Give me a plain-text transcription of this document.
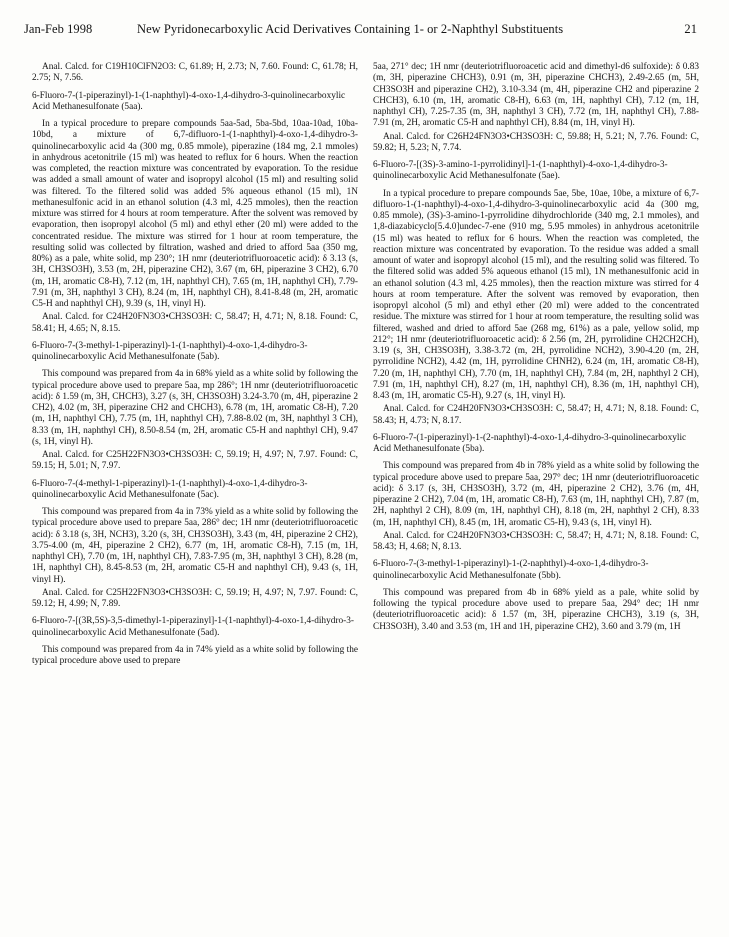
Jan-Feb 1998	New Pyridonecarboxylic Acid Derivatives Containing 1- or 2-Naphthyl Substituents	21

Anal. Calcd. for C19H10ClFN2O3: C, 61.89; H, 2.73; N, 7.60. Found: C, 61.78; H, 2.75; N, 7.56.

6-Fluoro-7-(1-piperazinyl)-1-(1-naphthyl)-4-oxo-1,4-dihydro-3-quinolinecarboxylic Acid Methanesulfonate (5aa).

In a typical procedure to prepare compounds 5aa-5ad, 5ba-5bd, 10aa-10ad, 10ba-10bd, a mixture of 6,7-difluoro-1-(1-naphthyl)-4-oxo-1,4-dihydro-3-quinolinecarboxylic acid 4a (300 mg, 0.85 mmole), piperazine (184 mg, 2.1 mmoles) in anhydrous acetonitrile (15 ml) was heated to reflux for 6 hours. When the reaction was completed, the reaction mixture was concentrated by evaporation. To the residue was added a small amount of water and isopropyl alcohol (15 ml) and resulting solid was filtered. To the filtered solid was added 5% aqueous ethanol (15 ml), 1N methanesulfonic acid in an ethanol solution (4.3 ml, 4.25 mmoles), then the reaction mixture was stirred for 4 hours at room temperature. After the solvent was removed by evaporation, then isopropyl alcohol (5 ml) and ethyl ether (20 ml) were added to the concentrated residue. The mixture was stirred for 1 hour at room temperature, the resulting solid was collected by filtration, washed and dried to afford 5aa (350 mg, 80%) as a pale, white solid, mp 230°; 1H nmr (deuteriotrifluoroacetic acid): δ 3.13 (s, 3H, CH3SO3H), 3.53 (m, 2H, piperazine CH2), 3.67 (m, 6H, piperazine 3 CH2), 6.70 (m, 1H, aromatic C8-H), 7.12 (m, 1H, naphthyl CH), 7.65 (m, 1H, naphthyl CH), 7.79-7.91 (m, 3H, naphthyl 3 CH), 8.24 (m, 1H, naphthyl CH), 8.41-8.48 (m, 2H, aromatic C5-H and naphthyl CH), 9.39 (s, 1H, vinyl H).

Anal. Calcd. for C24H20FN3O3•CH3SO3H: C, 58.47; H, 4.71; N, 8.18. Found: C, 58.41; H, 4.65; N, 8.15.

6-Fluoro-7-(3-methyl-1-piperazinyl)-1-(1-naphthyl)-4-oxo-1,4-dihydro-3-quinolinecarboxylic Acid Methanesulfonate (5ab).

This compound was prepared from 4a in 68% yield as a white solid by following the typical procedure above used to prepare 5aa, mp 286°; 1H nmr (deuteriotrifluoroacetic acid): δ 1.59 (m, 3H, CHCH3), 3.27 (s, 3H, CH3SO3H) 3.24-3.70 (m, 4H, piperazine 2 CH2), 4.02 (m, 3H, piperazine CH2 and CHCH3), 6.78 (m, 1H, aromatic C8-H), 7.20 (m, 1H, naphthyl CH), 7.75 (m, 1H, naphthyl CH), 7.88-8.02 (m, 3H, naphthyl 3 CH), 8.33 (m, 1H, naphthyl CH), 8.50-8.54 (m, 2H, aromatic C5-H and naphthyl CH), 9.47 (s, 1H, vinyl H).

Anal. Calcd. for C25H22FN3O3•CH3SO3H: C, 59.19; H, 4.97; N, 7.97. Found: C, 59.15; H, 5.01; N, 7.97.

6-Fluoro-7-(4-methyl-1-piperazinyl)-1-(1-naphthyl)-4-oxo-1,4-dihydro-3-quinolinecarboxylic Acid Methanesulfonate (5ac).

This compound was prepared from 4a in 73% yield as a white solid by following the typical procedure above used to prepare 5aa, 286° dec; 1H nmr (deuteriotrifluoroacetic acid): δ 3.18 (s, 3H, NCH3), 3.20 (s, 3H, CH3SO3H), 3.43 (m, 4H, piperazine 2 CH2), 3.75-4.00 (m, 4H, piperazine 2 CH2), 6.77 (m, 1H, aromatic C8-H), 7.15 (m, 1H, naphthyl CH), 7.70 (m, 1H, naphthyl CH), 7.83-7.95 (m, 3H, naphthyl 3 CH), 8.28 (m, 1H, naphthyl CH), 8.45-8.53 (m, 2H, aromatic C5-H and naphthyl CH), 9.43 (s, 1H, vinyl H).

Anal. Calcd. for C25H22FN3O3•CH3SO3H: C, 59.19; H, 4.97; N, 7.97. Found: C, 59.12; H, 4.99; N, 7.89.

6-Fluoro-7-[(3R,5S)-3,5-dimethyl-1-piperazinyl]-1-(1-naphthyl)-4-oxo-1,4-dihydro-3-quinolinecarboxylic Acid Methanesulfonate (5ad).

This compound was prepared from 4a in 74% yield as a white solid by following the typical procedure above used to prepare

5aa, 271° dec; 1H nmr (deuteriotrifluoroacetic acid and dimethyl-d6 sulfoxide): δ 0.83 (m, 3H, piperazine CHCH3), 0.91 (m, 3H, piperazine CHCH3), 2.49-2.65 (m, 5H, CH3SO3H and piperazine CH2), 3.10-3.34 (m, 4H, piperazine CH2 and piperazine 2 CHCH3), 6.10 (m, 1H, aromatic C8-H), 6.63 (m, 1H, naphthyl CH), 7.12 (m, 1H, naphthyl CH), 7.25-7.35 (m, 3H, naphthyl 3 CH), 7.72 (m, 1H, naphthyl CH), 7.88-7.91 (m, 2H, aromatic C5-H and naphthyl CH), 8.84 (m, 1H, vinyl H).

Anal. Calcd. for C26H24FN3O3•CH3SO3H: C, 59.88; H, 5.21; N, 7.76. Found: C, 59.82; H, 5.23; N, 7.74.

6-Fluoro-7-[(3S)-3-amino-1-pyrrolidinyl]-1-(1-naphthyl)-4-oxo-1,4-dihydro-3-quinolinecarboxylic Acid Methanesulfonate (5ae).

In a typical procedure to prepare compounds 5ae, 5be, 10ae, 10be, a mixture of 6,7-difluoro-1-(1-naphthyl)-4-oxo-1,4-dihydro-3-quinolinecarboxylic acid 4a (300 mg, 0.85 mmole), (3S)-3-amino-1-pyrrolidine dihydrochloride (340 mg, 2.1 mmoles), and 1,8-diazabicyclo[5.4.0]undec-7-ene (910 mg, 5.95 mmoles) in anhydrous acetonitrile (15 ml) was heated to reflux for 6 hours. When the reaction was completed, the reaction mixture was concentrated by evaporation. To the residue was added a small amount of water and isopropyl alcohol (15 ml), and the resulting solid was filtered. To the filtered solid was added 5% aqueous ethanol (15 ml), 1N methanesulfonic acid in an ethanol solution (4.3 ml, 4.25 mmoles), then the reaction mixture was stirred for 4 hours at room temperature. After the solvent was removed by evaporation, then isopropyl alcohol (5 ml) and ethyl ether (20 ml) were added to the concentrated residue. The mixture was stirred for 1 hour at room temperature, the resulting solid was filtered, washed and dried to afford 5ae (268 mg, 61%) as a pale, yellow solid, mp 212°; 1H nmr (deuteriotrifluoroacetic acid): δ 2.56 (m, 2H, pyrrolidine CH2CH2CH), 3.19 (s, 3H, CH3SO3H), 3.38-3.72 (m, 2H, pyrrolidine NCH2), 3.90-4.20 (m, 2H, pyrrolidine NCH2), 4.42 (m, 1H, pyrrolidine CHNH2), 6.24 (m, 1H, aromatic C8-H), 7.20 (m, 1H, naphthyl CH), 7.70 (m, 1H, naphthyl CH), 7.84 (m, 2H, naphthyl 2 CH), 7.91 (m, 1H, naphthyl CH), 8.27 (m, 1H, naphthyl CH), 8.36 (m, 1H, naphthyl CH), 8.43 (m, 1H, aromatic C5-H), 9.27 (s, 1H, vinyl H).

Anal. Calcd. for C24H20FN3O3•CH3SO3H: C, 58.47; H, 4.71; N, 8.18. Found: C, 58.43; H, 4.73; N, 8.17.

6-Fluoro-7-(1-piperazinyl)-1-(2-naphthyl)-4-oxo-1,4-dihydro-3-quinolinecarboxylic Acid Methanesulfonate (5ba).

This compound was prepared from 4b in 78% yield as a white solid by following the typical procedure above used to prepare 5aa, 297° dec; 1H nmr (deuteriotrifluoroacetic acid): δ 3.17 (s, 3H, CH3SO3H), 3.72 (m, 4H, piperazine 2 CH2), 3.76 (m, 4H, piperazine 2 CH2), 7.04 (m, 1H, aromatic C8-H), 7.63 (m, 1H, naphthyl CH), 7.87 (m, 2H, naphthyl 2 CH), 8.09 (m, 1H, naphthyl CH), 8.18 (m, 2H, naphthyl 2 CH), 8.33 (m, 1H, naphthyl CH), 8.45 (m, 1H, aromatic C5-H), 9.43 (s, 1H, vinyl H).

Anal. Calcd. for C24H20FN3O3•CH3SO3H: C, 58.47; H, 4.71; N, 8.18. Found: C, 58.43; H, 4.68; N, 8.13.

6-Fluoro-7-(3-methyl-1-piperazinyl)-1-(2-naphthyl)-4-oxo-1,4-dihydro-3-quinolinecarboxylic Acid Methanesulfonate (5bb).

This compound was prepared from 4b in 68% yield as a pale, white solid by following the typical procedure above used to prepare 5aa, 294° dec; 1H nmr (deuteriotrifluoroacetic acid): δ 1.57 (m, 3H, piperazine CHCH3), 3.19 (s, 3H, CH3SO3H), 3.40 and 3.53 (m, 1H and 1H, piperazine CH2), 3.60 and 3.79 (m, 1H
